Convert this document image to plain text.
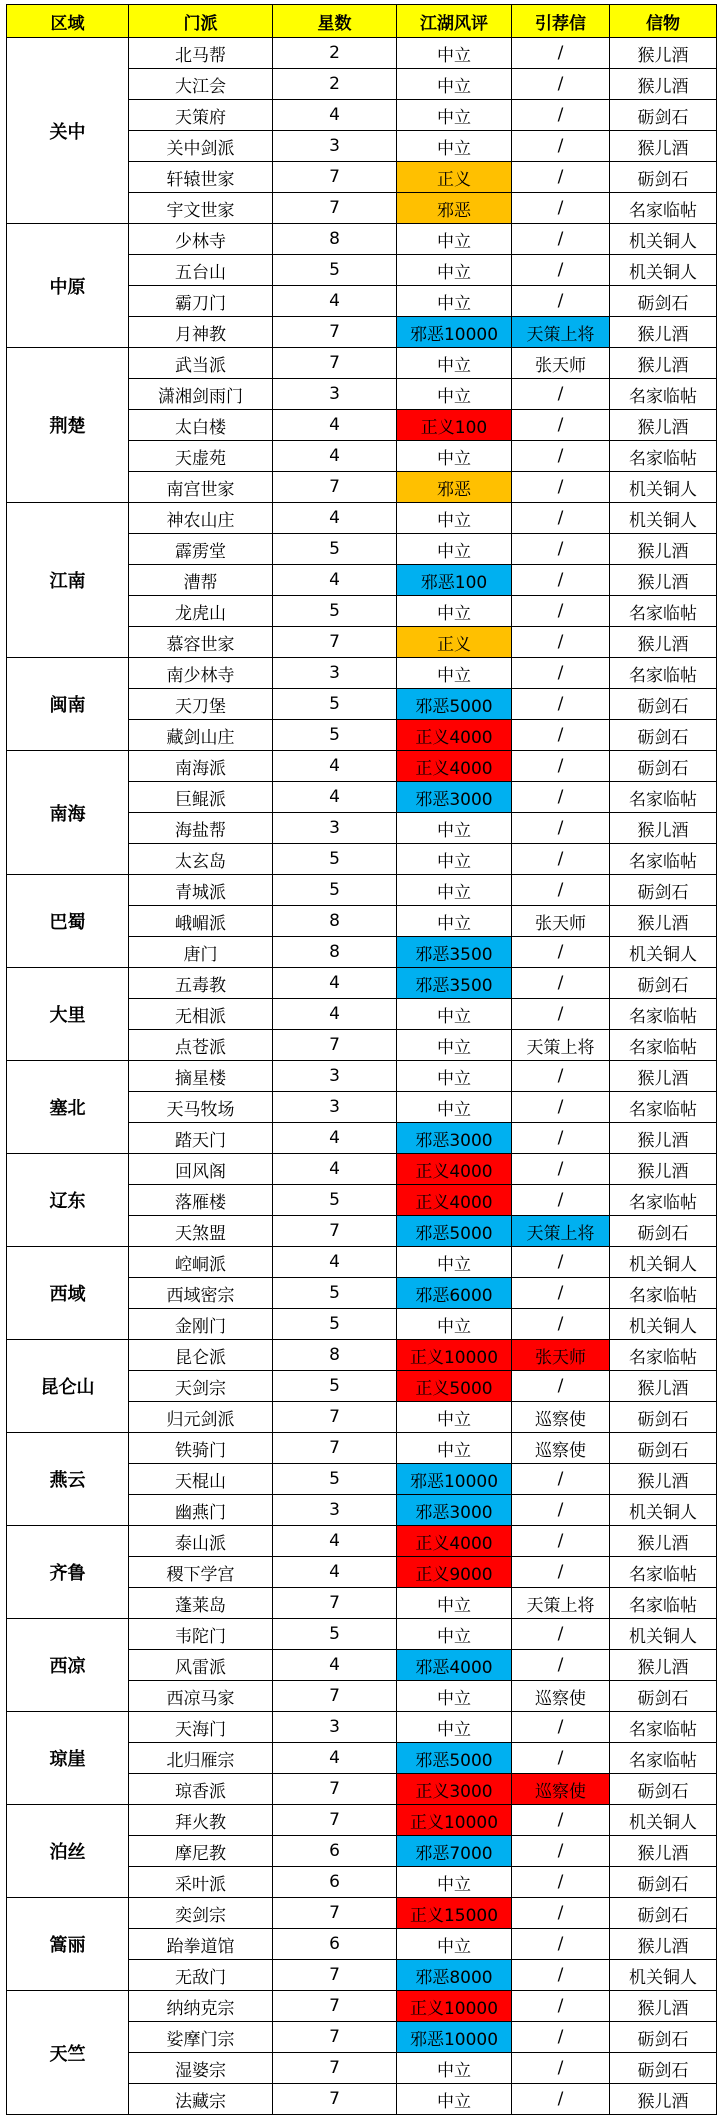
区域	门派	星数	江湖风评	引荐信	信物
关中	北马帮	2	中立	/	猴儿酒
	大江会	2	中立	/	猴儿酒
	天策府	4	中立	/	砺剑石
	关中剑派	3	中立	/	猴儿酒
	轩辕世家	7	正义	/	砺剑石
	宇文世家	7	邪恶	/	名家临帖
中原	少林寺	8	中立	/	机关铜人
	五台山	5	中立	/	机关铜人
	霸刀门	4	中立	/	砺剑石
	月神教	7	邪恶10000	天策上将	猴儿酒
荆楚	武当派	7	中立	张天师	猴儿酒
	潇湘剑雨门	3	中立	/	名家临帖
	太白楼	4	正义100	/	猴儿酒
	天虚苑	4	中立	/	名家临帖
	南宫世家	7	邪恶	/	机关铜人
江南	神农山庄	4	中立	/	机关铜人
	霹雳堂	5	中立	/	猴儿酒
	漕帮	4	邪恶100	/	猴儿酒
	龙虎山	5	中立	/	名家临帖
	慕容世家	7	正义	/	猴儿酒
闽南	南少林寺	3	中立	/	名家临帖
	天刀堡	5	邪恶5000	/	砺剑石
	藏剑山庄	5	正义4000	/	砺剑石
南海	南海派	4	正义4000	/	砺剑石
	巨鲲派	4	邪恶3000	/	名家临帖
	海盐帮	3	中立	/	猴儿酒
	太玄岛	5	中立	/	名家临帖
巴蜀	青城派	5	中立	/	砺剑石
	峨嵋派	8	中立	张天师	猴儿酒
	唐门	8	邪恶3500	/	机关铜人
大里	五毒教	4	邪恶3500	/	砺剑石
	无相派	4	中立	/	名家临帖
	点苍派	7	中立	天策上将	名家临帖
塞北	摘星楼	3	中立	/	猴儿酒
	天马牧场	3	中立	/	名家临帖
	踏天门	4	邪恶3000	/	猴儿酒
辽东	回风阁	4	正义4000	/	猴儿酒
	落雁楼	5	正义4000	/	名家临帖
	天煞盟	7	邪恶5000	天策上将	砺剑石
西域	崆峒派	4	中立	/	机关铜人
	西域密宗	5	邪恶6000	/	名家临帖
	金刚门	5	中立	/	机关铜人
昆仑山	昆仑派	8	正义10000	张天师	名家临帖
	天剑宗	5	正义5000	/	猴儿酒
	归元剑派	7	中立	巡察使	砺剑石
燕云	铁骑门	7	中立	巡察使	砺剑石
	天棍山	5	邪恶10000	/	猴儿酒
	幽燕门	3	邪恶3000	/	机关铜人
齐鲁	泰山派	4	正义4000	/	猴儿酒
	稷下学宫	4	正义9000	/	名家临帖
	蓬莱岛	7	中立	天策上将	名家临帖
西凉	韦陀门	5	中立	/	机关铜人
	风雷派	4	邪恶4000	/	猴儿酒
	西凉马家	7	中立	巡察使	砺剑石
琼崖	天海门	3	中立	/	名家临帖
	北归雁宗	4	邪恶5000	/	名家临帖
	琼香派	7	正义3000	巡察使	砺剑石
泊丝	拜火教	7	正义10000	/	机关铜人
	摩尼教	6	邪恶7000	/	猴儿酒
	采叶派	6	中立	/	砺剑石
篙丽	奕剑宗	7	正义15000	/	砺剑石
	跆拳道馆	6	中立	/	猴儿酒
	无敌门	7	邪恶8000	/	机关铜人
天竺	纳纳克宗	7	正义10000	/	猴儿酒
	娑摩门宗	7	邪恶10000	/	砺剑石
	湿婆宗	7	中立	/	砺剑石
	法藏宗	7	中立	/	猴儿酒
